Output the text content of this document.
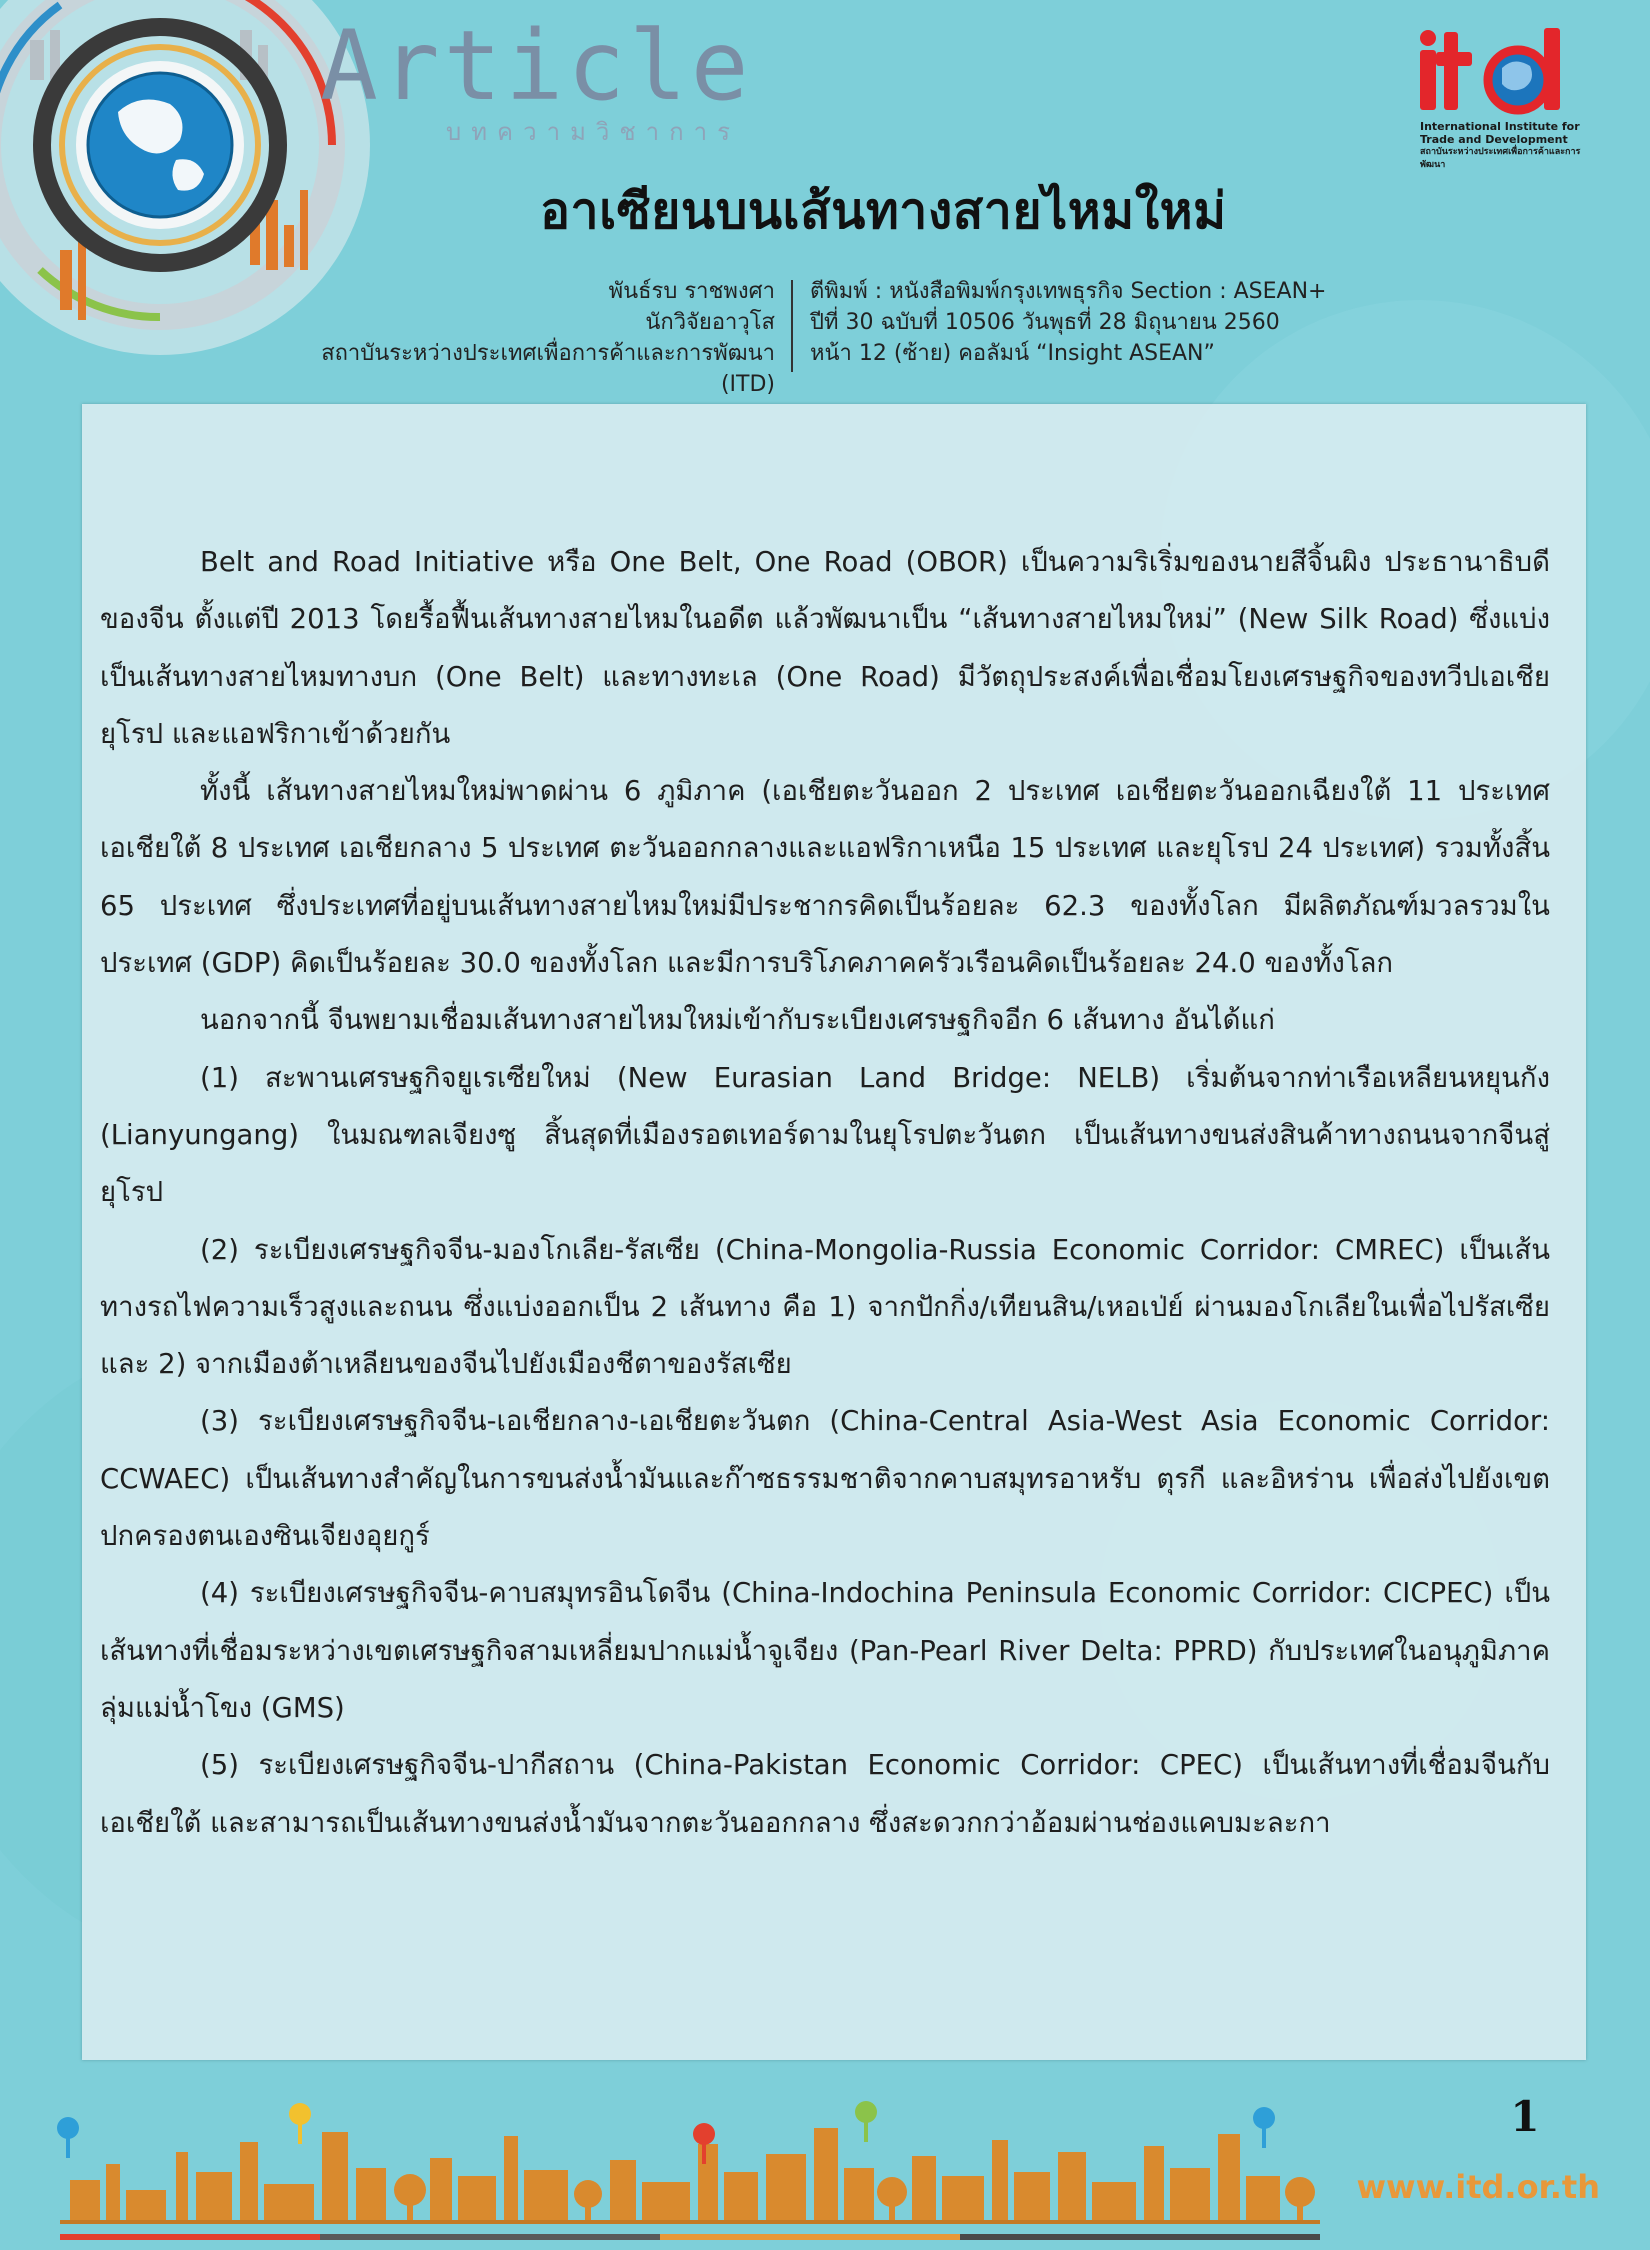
Article
บทความวิชาการ	International Institute for
Trade and Development
สถาบันระหว่างประเทศเพื่อการค้าและการพัฒนา
อาเซียนบนเส้นทางสายไหมใหม่
พันธ์รบ ราชพงศา
นักวิจัยอาวุโส
สถาบันระหว่างประเทศเพื่อการค้าและการพัฒนา (ITD)
ตีพิมพ์ : หนังสือพิมพ์กรุงเทพธุรกิจ Section : ASEAN+
ปีที่ 30 ฉบับที่ 10506 วันพุธที่ 28 มิถุนายน 2560
หน้า 12 (ซ้าย) คอลัมน์ “Insight ASEAN”

Belt and Road Initiative หรือ One Belt, One Road (OBOR) เป็นความริเริ่มของนายสีจิ้นผิง ประธานาธิบดีของจีน ตั้งแต่ปี 2013 โดยรื้อฟื้นเส้นทางสายไหมในอดีต แล้วพัฒนาเป็น “เส้นทางสายไหมใหม่” (New Silk Road) ซึ่งแบ่งเป็นเส้นทางสายไหมทางบก (One Belt) และทางทะเล (One Road) มีวัตถุประสงค์เพื่อเชื่อมโยงเศรษฐกิจของทวีปเอเชีย ยุโรป และแอฟริกาเข้าด้วยกัน

ทั้งนี้ เส้นทางสายไหมใหม่พาดผ่าน 6 ภูมิภาค (เอเชียตะวันออก 2 ประเทศ เอเชียตะวันออกเฉียงใต้ 11 ประเทศ เอเชียใต้ 8 ประเทศ เอเชียกลาง 5 ประเทศ ตะวันออกกลางและแอฟริกาเหนือ 15 ประเทศ และยุโรป 24 ประเทศ) รวมทั้งสิ้น 65 ประเทศ ซึ่งประเทศที่อยู่บนเส้นทางสายไหมใหม่มีประชากรคิดเป็นร้อยละ 62.3 ของทั้งโลก มีผลิตภัณฑ์มวลรวมในประเทศ (GDP) คิดเป็นร้อยละ 30.0 ของทั้งโลก และมีการบริโภคภาคครัวเรือนคิดเป็นร้อยละ 24.0 ของทั้งโลก

นอกจากนี้ จีนพยามเชื่อมเส้นทางสายไหมใหม่เข้ากับระเบียงเศรษฐกิจอีก 6 เส้นทาง อันได้แก่

(1) สะพานเศรษฐกิจยูเรเซียใหม่ (New Eurasian Land Bridge: NELB) เริ่มต้นจากท่าเรือเหลียนหยุนกัง (Lianyungang) ในมณฑลเจียงซู สิ้นสุดที่เมืองรอตเทอร์ดามในยุโรปตะวันตก เป็นเส้นทางขนส่งสินค้าทางถนนจากจีนสู่ยุโรป

(2) ระเบียงเศรษฐกิจจีน-มองโกเลีย-รัสเซีย (China-Mongolia-Russia Economic Corridor: CMREC) เป็นเส้นทางรถไฟความเร็วสูงและถนน ซึ่งแบ่งออกเป็น 2 เส้นทาง คือ 1) จากปักกิ่ง/เทียนสิน/เหอเป่ย์ ผ่านมองโกเลียในเพื่อไปรัสเซีย และ 2) จากเมืองต้าเหลียนของจีนไปยังเมืองชีตาของรัสเซีย

(3) ระเบียงเศรษฐกิจจีน-เอเชียกลาง-เอเชียตะวันตก (China-Central Asia-West Asia Economic Corridor: CCWAEC) เป็นเส้นทางสำคัญในการขนส่งน้ำมันและก๊าซธรรมชาติจากคาบสมุทรอาหรับ ตุรกี และอิหร่าน เพื่อส่งไปยังเขตปกครองตนเองซินเจียงอุยกูร์

(4) ระเบียงเศรษฐกิจจีน-คาบสมุทรอินโดจีน (China-Indochina Peninsula Economic Corridor: CICPEC) เป็นเส้นทางที่เชื่อมระหว่างเขตเศรษฐกิจสามเหลี่ยมปากแม่น้ำจูเจียง (Pan-Pearl River Delta: PPRD) กับประเทศในอนุภูมิภาคลุ่มแม่น้ำโขง (GMS)

(5) ระเบียงเศรษฐกิจจีน-ปากีสถาน (China-Pakistan Economic Corridor: CPEC) เป็นเส้นทางที่เชื่อมจีนกับเอเชียใต้ และสามารถเป็นเส้นทางขนส่งน้ำมันจากตะวันออกกลาง ซึ่งสะดวกกว่าอ้อมผ่านช่องแคบมะละกา

1
www.itd.or.th
